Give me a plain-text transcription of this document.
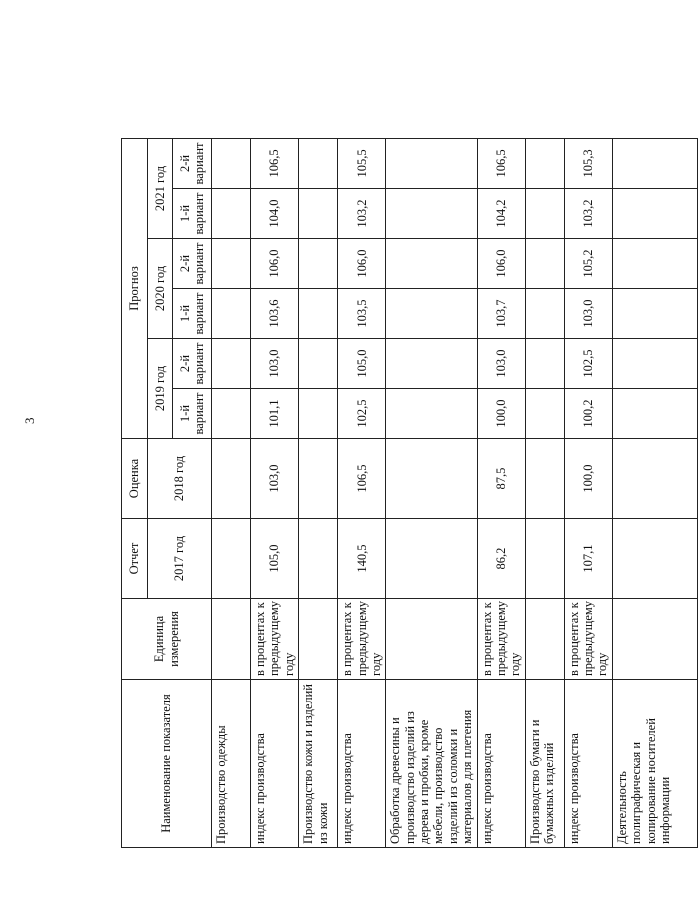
3
Наименование показателя	Единица измерения	Отчет	Оценка	Прогноз					
		2017 год	2018 год	2019 год		2020 год		2021 год	
				1-й вариант	2-й вариант	1-й вариант	2-й вариант	1-й вариант	2-й вариант
Производство одежды									
индекс производства	в процентах к предыдущему году	105,0	103,0	101,1	103,0	103,6	106,0	104,0	106,5
Производство кожи и изделий из кожи									
индекс производства	в процентах к предыдущему году	140,5	106,5	102,5	105,0	103,5	106,0	103,2	105,5
Обработка древесины и производство изделий из дерева и пробки, кроме мебели, производство изделий из соломки и материалов для плетения									
индекс производства	в процентах к предыдущему году	86,2	87,5	100,0	103,0	103,7	106,0	104,2	106,5
Производство бумаги и бумажных изделий									
индекс производства	в процентах к предыдущему году	107,1	100,0	100,2	102,5	103,0	105,2	103,2	105,3
Деятельность полиграфическая и копирование носителей информации									
